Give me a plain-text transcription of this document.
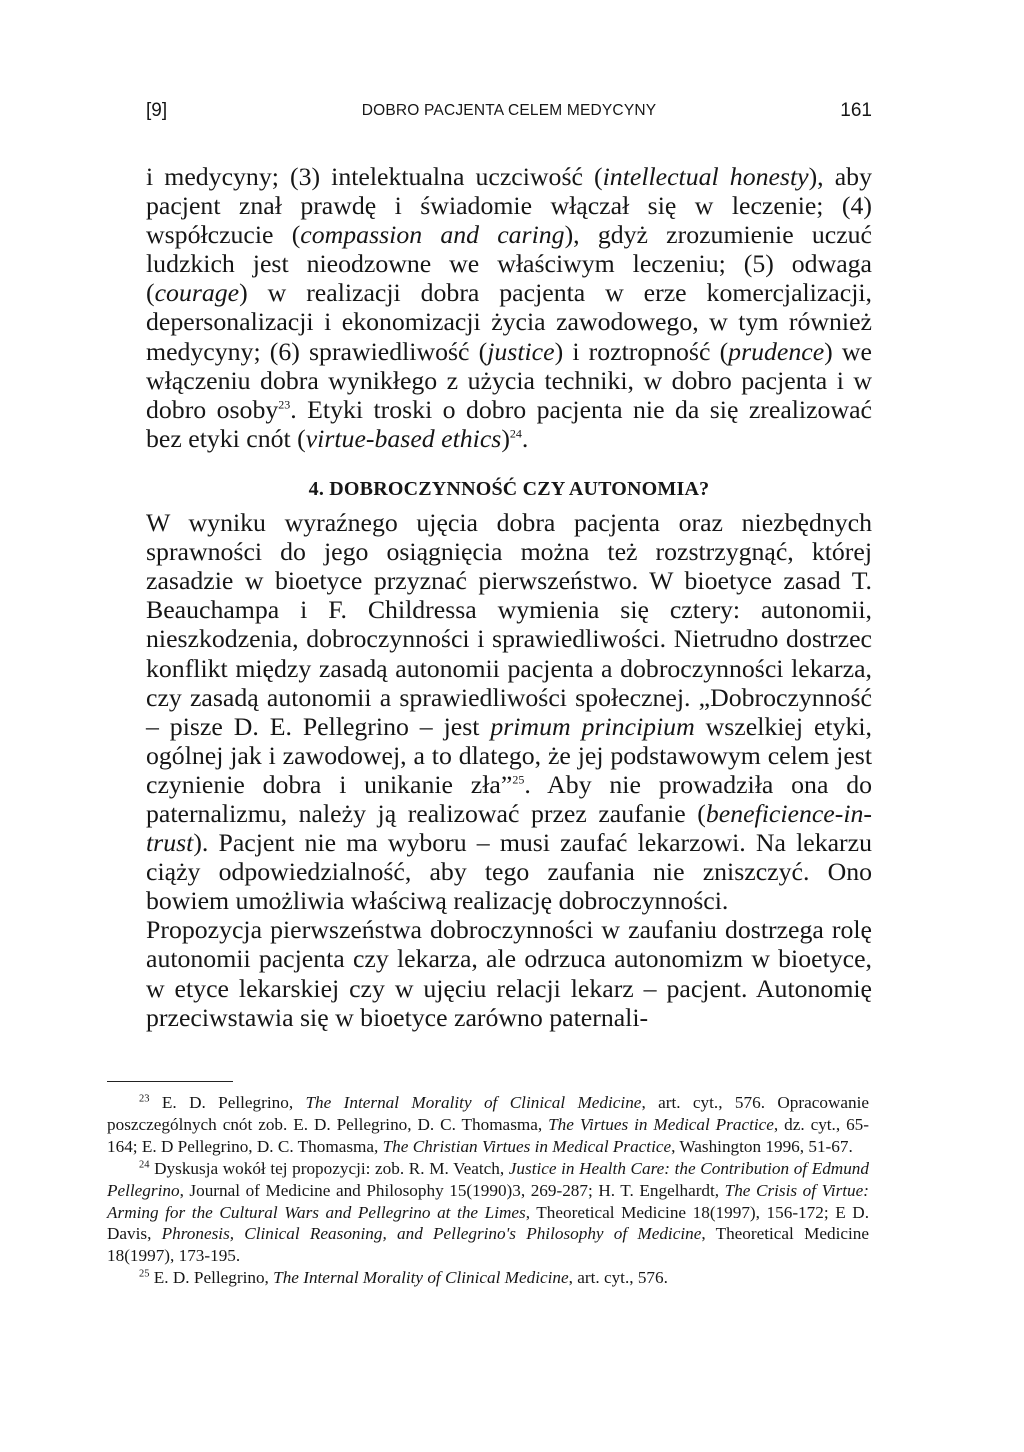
[9]	DOBRO PACJENTA CELEM MEDYCYNY	161

i medycyny; (3) intelektualna uczciwość (intellectual honesty), aby pacjent znał prawdę i świadomie włączał się w leczenie; (4) współczucie (compassion and caring), gdyż zrozumienie uczuć ludzkich jest nieodzowne we właściwym leczeniu; (5) odwaga (courage) w realizacji dobra pacjenta w erze komercjalizacji, depersonalizacji i ekonomizacji życia zawodowego, w tym również medycyny; (6) sprawiedliwość (justice) i roztropność (prudence) we włączeniu dobra wynikłego z użycia techniki, w dobro pacjenta i w dobro osoby$^{23}$. Etyki troski o dobro pacjenta nie da się zrealizować bez etyki cnót (virtue-based ethics)$^{24}$.

4. DOBROCZYNNOŚĆ CZY AUTONOMIA?

W wyniku wyraźnego ujęcia dobra pacjenta oraz niezbędnych sprawności do jego osiągnięcia można też rozstrzygnąć, której zasadzie w bioetyce przyznać pierwszeństwo. W bioetyce zasad T. Beauchampa i F. Childressa wymienia się cztery: autonomii, nieszkodzenia, dobroczynności i sprawiedliwości. Nietrudno dostrzec konflikt między zasadą autonomii pacjenta a dobroczynności lekarza, czy zasadą autonomii a sprawiedliwości społecznej. „Dobroczynność – pisze D. E. Pellegrino – jest primum principium wszelkiej etyki, ogólnej jak i zawodowej, a to dlatego, że jej podstawowym celem jest czynienie dobra i unikanie zła”$^{25}$. Aby nie prowadziła ona do paternalizmu, należy ją realizować przez zaufanie (beneficience-in-trust). Pacjent nie ma wyboru – musi zaufać lekarzowi. Na lekarzu ciąży odpowiedzialność, aby tego zaufania nie zniszczyć. Ono bowiem umożliwia właściwą realizację dobroczynności.

Propozycja pierwszeństwa dobroczynności w zaufaniu dostrzega rolę autonomii pacjenta czy lekarza, ale odrzuca autonomizm w bioetyce, w etyce lekarskiej czy w ujęciu relacji lekarz – pacjent. Autonomię przeciwstawia się w bioetyce zarówno paternali-

$^{23}$ E. D. Pellegrino, The Internal Morality of Clinical Medicine, art. cyt., 576. Opracowanie poszczególnych cnót zob. E. D. Pellegrino, D. C. Thomasma, The Virtues in Medical Practice, dz. cyt., 65-164; E. D Pellegrino, D. C. Thomasma, The Christian Virtues in Medical Practice, Washington 1996, 51-67.

$^{24}$ Dyskusja wokół tej propozycji: zob. R. M. Veatch, Justice in Health Care: the Contribution of Edmund Pellegrino, Journal of Medicine and Philosophy 15(1990)3, 269-287; H. T. Engelhardt, The Crisis of Virtue: Arming for the Cultural Wars and Pellegrino at the Limes, Theoretical Medicine 18(1997), 156-172; E D. Davis, Phronesis, Clinical Reasoning, and Pellegrino's Philosophy of Medicine, Theoretical Medicine 18(1997), 173-195.

$^{25}$ E. D. Pellegrino, The Internal Morality of Clinical Medicine, art. cyt., 576.
